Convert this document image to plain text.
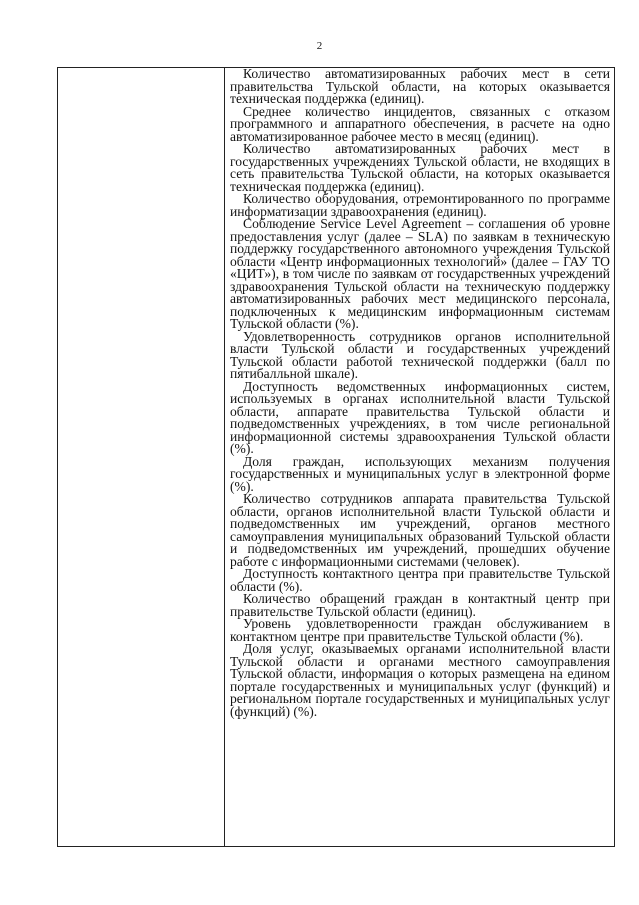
2

Количество автоматизированных рабочих мест в сети правительства Тульской области, на которых оказывается техническая поддержка (единиц).

Среднее количество инцидентов, связанных с отказом программного и аппаратного обеспечения, в расчете на одно автоматизированное рабочее место в месяц (единиц).

Количество автоматизированных рабочих мест в государственных учреждениях Тульской области, не входящих в сеть правительства Тульской области, на которых оказывается техническая поддержка (единиц).

Количество оборудования, отремонтированного по программе информатизации здравоохранения (единиц).

Соблюдение Service Level Agreement – соглашения об уровне предоставления услуг (далее – SLA) по заявкам в техническую поддержку государственного автономного учреждения Тульской области «Центр информационных технологий» (далее – ГАУ ТО «ЦИТ»), в том числе по заявкам от государственных учреждений здравоохранения Тульской области на техническую поддержку автоматизированных рабочих мест медицинского персонала, подключенных к медицинским информационным системам Тульской области (%).

Удовлетворенность сотрудников органов исполнительной власти Тульской области и государственных учреждений Тульской области работой технической поддержки (балл по пятибалльной шкале).

Доступность ведомственных информационных систем, используемых в органах исполнительной власти Тульской области, аппарате правительства Тульской области и подведомственных учреждениях, в том числе региональной информационной системы здравоохранения Тульской области (%).

Доля граждан, использующих механизм получения государственных и муниципальных услуг в электронной форме (%).

Количество сотрудников аппарата правительства Тульской области, органов исполнительной власти Тульской области и подведомственных им учреждений, органов местного самоуправления муниципальных образований Тульской области и подведомственных им учреждений, прошедших обучение работе с информационными системами (человек).

Доступность контактного центра при правительстве Тульской области (%).

Количество обращений граждан в контактный центр при правительстве Тульской области (единиц).

Уровень удовлетворенности граждан обслуживанием в контактном центре при правительстве Тульской области (%).

Доля услуг, оказываемых органами исполнительной власти Тульской области и органами местного самоуправления Тульской области, информация о которых размещена на едином портале государственных и муниципальных услуг (функций) и региональном портале государственных и муниципальных услуг (функций) (%).
